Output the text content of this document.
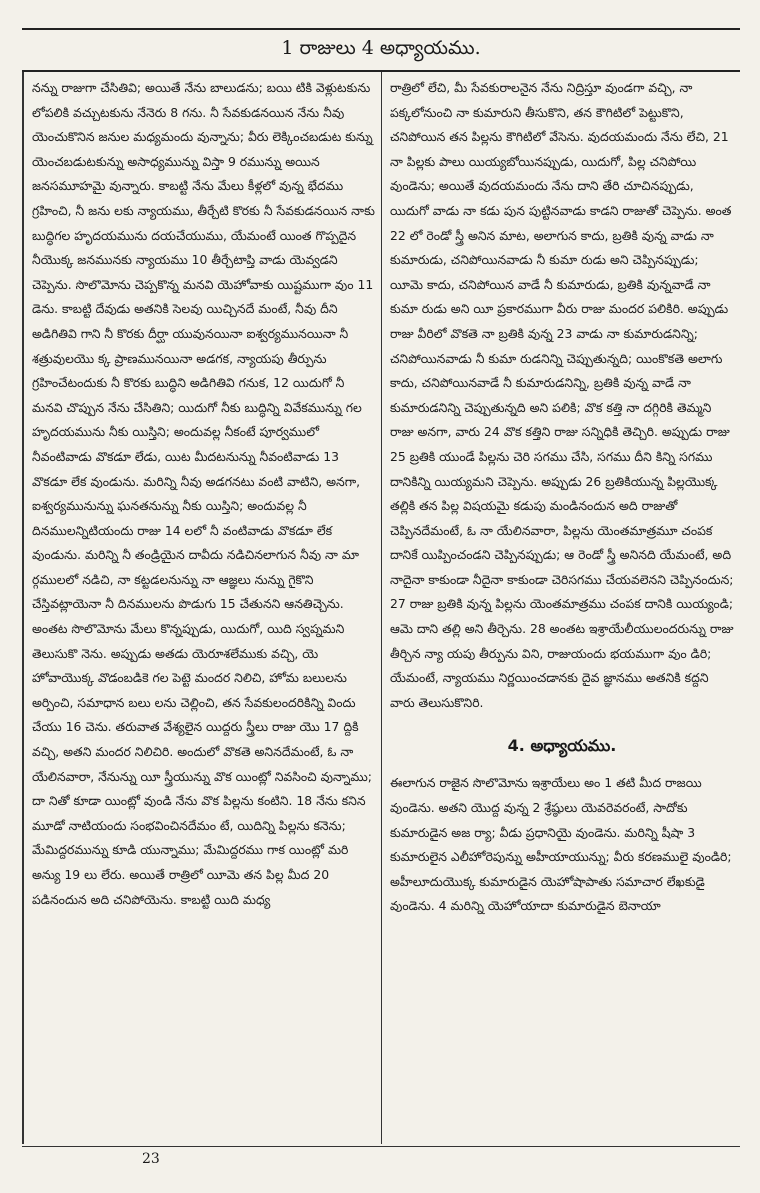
1 రాజులు 4 అధ్యాయము.

నన్ను రాజుగా చేసితివి; అయితే నేను బాలుడను; బయి టికి వెళ్లుటకును లోపలికి వచ్చుటకును నేనెరు 8 గను. నీ సేవకుడనయిన నేను నీవు యెంచుకొనిన జనుల మధ్యమందు వున్నాను; వీరు లెక్కించబడుట కున్ను యెంచబడుటకున్ను అసాధ్యమున్ను విస్తా 9 రమున్ను అయిన జనసమూహమై వున్నారు. కాబట్టి నేను మేలు కీళ్లలో వున్న భేదము గ్రహించి, నీ జను లకు న్యాయము, తీర్చేటి కొరకు నీ సేవకుడనయిన నాకు బుద్ధిగల హృదయమును దయచేయుము, యేమంటే యింత గొప్పదైన నీయొక్క జనమునకు న్యాయము 10 తీర్చేటాప్తి వాడు యెవ్వడని చెప్పెను. సొలొమోను చెప్పకొన్న మనవి యెహోవాకు యిష్టముగా వుం 11 డెను. కాబట్టి దేవుడు అతనికి సెలవు యిచ్చినదే మంటే, నీవు దీని అడిగితివి గాని నీ కొరకు దీర్ఘా యువునయినా ఐశ్వర్యమునయినా నీ శత్రువులయొ క్క ప్రాణమునయినా అడగక, న్యాయపు తీర్పును గ్రహించేటందుకు నీ కొరకు బుద్ధిని అడిగితివి గనుక, 12 యిదుగో నీ మనవి చొప్పున నేను చేసితిని; యిదుగో నీకు బుద్ధిన్ని వివేకమున్ను గల హృదయమును నీకు యిస్తిని; అందువల్ల నీకంటే పూర్వములో నీవంటివాడు వొకడూ లేడు, యిట మీదటనున్ను నీవంటివాడు 13 వొకడూ లేక వుండును. మరిన్ని నీవు అడగనటు వంటి వాటిని, అనగా, ఐశ్వర్యమునున్ను ఘనతనున్ను నీకు యిస్తిని; అందువల్ల నీ దినములన్నిటియందు రాజు 14 లలో నీ వంటివాడు వొకడూ లేక వుండును. మరిన్ని నీ తండ్రియైన దావీదు నడిచినలాగున నీవు నా మా ర్గములలో నడిచి, నా కట్టడలనున్ను నా ఆజ్ఞలు నున్ను గైకొని చేస్తివట్లాయెనా నీ దినములను పొడుగు 15 చేతునని ఆనతిచ్చెను. అంతట సొలొమోను మేలు కొన్నప్పుడు, యిదుగో, యిది స్వప్నమని తెలుసుకొ నెను. అప్పుడు అతడు యెరూశలేముకు వచ్చి, యె హోవాయొక్క వొడంబడికె గల పెట్టె మందర నిలిచి, హోమ బలులను అర్పించి, సమాధాన బలు లను చెల్లించి, తన సేవకులందరికిన్ని విందు చేయు 16 చెను. తరువాత వేశ్యలైన యిద్దరు స్త్రీలు రాజు యొ 17 ద్దికి వచ్చి, అతని మందర నిలిచిరి. అందులో వొకతె అనినదేమంటే, ఓ నా యేలినవారా, నేనున్ను యీ స్త్రీయున్ను వొక యింట్లో నివసించి వున్నాము; దా నితో కూడా యింట్లో వుండి నేను వొక పిల్లను కంటిని. 18 నేను కనిన మూడో నాటియందు సంభవించినదేమం టే, యిదిన్ని పిల్లను కనెను; మేమిద్దరమున్ను కూడి యున్నాము; మేమిద్దరము గాక యింట్లో మరి అన్యు 19 లు లేరు. అయితే రాత్రిలో యీమె తన పిల్ల మీద 20 పడినందున అది చనిపోయెను. కాబట్టి యిది మధ్య

రాత్రిలో లేచి, మీ సేవకురాలనైన నేను నిద్రిస్తూ వుండగా వచ్చి, నా పక్కలోనుంచి నా కుమారుని తీసుకొని, తన కౌగిటిలో పెట్టుకొని, చనిపోయిన తన పిల్లను కౌగిటిలో వేసెను. వుదయమందు నేను లేచి, 21 నా పిల్లకు పాలు యియ్యబోయినప్పుడు, యిదుగో, పిల్ల చనిపోయి వుండెను; అయితే వుదయమందు నేను దాని తేరి చూచినప్పుడు, యిదుగో వాడు నా కడు పున పుట్టినవాడు కాడని రాజుతో చెప్పెను. అంత 22 లో రెండో స్త్రీ అనిన మాట, అలాగున కాదు, బ్రతికి వున్న వాడు నా కుమారుడు, చనిపోయినవాడు నీ కుమా రుడు అని చెప్పినప్పుడు; యీమె కాదు, చనిపోయిన వాడే నీ కుమారుడు, బ్రతికి వున్నవాడే నా కుమా రుడు అని యీ ప్రకారముగా వీరు రాజు మందర పలికిరి. అప్పుడు రాజు వీరిలో వొకతె నా బ్రతికి వున్న 23 వాడు నా కుమారుడనిన్ని; చనిపోయినవాడు నీ కుమా రుడనిన్ని చెప్పుతున్నది; యింకొకతె అలాగు కాదు, చనిపోయినవాడే నీ కుమారుడనిన్ని, బ్రతికి వున్న వాడే నా కుమారుడనిన్ని చెప్పుతున్నది అని పలికి; వొక కత్తి నా దగ్గిరికి తెమ్మని రాజు అనగా, వారు 24 వొక కత్తిని రాజు సన్నిధికి తెచ్చిరి. అప్పుడు రాజు 25 బ్రతికి యుండే పిల్లను చెరి సగము చేసి, సగము దీని కిన్ని సగము దానికిన్ని యియ్యమని చెప్పెను. అప్పుడు 26 బ్రతికియున్న పిల్లయొక్క తల్లికి తన పిల్ల విషయమై కడుపు మండినందున అది రాజుతో చెప్పినదేమంటే, ఓ నా యేలినవారా, పిల్లను యెంతమాత్రమూ చంపక దానికే యిప్పించండని చెప్పినప్పుడు; ఆ రెండో స్త్రీ అనినది యేమంటే, అది నాదైనా కాకుండా నీదైనా కాకుండా చెరిసగము చేయవలెనని చెప్పినందున; 27 రాజు బ్రతికి వున్న పిల్లను యెంతమాత్రము చంపక దానికి యియ్యండి; ఆమె దాని తల్లి అని తీర్చెను. 28 అంతట ఇశ్రాయేలీయులందరున్ను రాజు తీర్చిన న్యా యపు తీర్పును విని, రాజుయందు భయముగా వుం డిరి; యేమంటే, న్యాయము నిర్ణయించడానకు దైవ జ్ఞానము అతనికి కద్దని వారు తెలుసుకొనిరి.

4. అధ్యాయము.

ఈలాగున రాజైన సొలొమోను ఇశ్రాయేలు అం 1 తటి మీద రాజయి వుండెను. అతని యొద్ద వున్న 2 శ్రేష్ఠులు యెవరెవరంటే, సాదోకు కుమారుడైన అజ ర్యా; వీడు ప్రధానియై వుండెను. మరిన్ని షీషా 3 కుమారులైన ఎలీహోరెపున్ను అహీయాయున్ను; వీరు కరణములై వుండిరి; అహీలూదుయొక్క కుమారుడైన యెహోషాపాతు సమాచార లేఖకుడై వుండెను. 4 మరిన్ని యెహోయాదా కుమారుడైన బెనాయా

23
